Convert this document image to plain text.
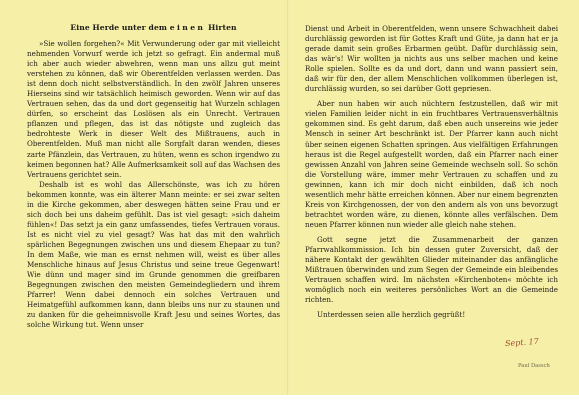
Eine Herde unter dem einen Hirten

»Sie wollen forgehen?« Mit Verwunderung oder gar mit vielleicht nehmenden Vorwurf werde ich jetzt so gefragt. Ein andermal muß ich aber auch wieder abwehren, wenn man uns allzu gut meint verstehen zu können, daß wir Oberentfelden verlassen werden. Das ist denn doch nicht selbstverständlich. In den zwölf Jahren unseres Hierseins sind wir tatsächlich heimisch geworden. Wenn wir auf das Vertrauen sehen, das da und dort gegenseitig hat Wurzeln schlagen dürfen, so erscheint das Loslösen als ein Unrecht. Vertrauen pflanzen und pflegen, das ist das nötigste und zugleich das bedrohteste Werk in dieser Welt des Mißtrauens, auch in Oberentfelden. Muß man nicht alle Sorgfalt daran wenden, dieses zarte Pfänzlein, das Vertrauen, zu hüten, wenn es schon irgendwo zu keimen begonnen hat? Alle Aufmerksamkeit soll auf das Wachsen des Vertrauens gerichtet sein.

Deshalb ist es wohl das Allerschönste, was ich zu hören bekommen konnte, was ein älterer Mann meinte: er sei zwar selten in die Kirche gekommen, aber deswegen hätten seine Frau und er sich doch bei uns daheim gefühlt. Das ist viel gesagt: »sich daheim fühlen«! Das setzt ja ein ganz umfassendes, tiefes Vertrauen voraus. Ist es nicht viel zu viel gesagt? Was hat das mit den wahrlich spärlichen Begegnungen zwischen uns und diesem Ehepaar zu tun? In dem Maße, wie man es ernst nehmen will, weist es über alles Menschliche hinaus auf Jesus Christus und seine treue Gegenwart! Wie dünn und mager sind im Grunde genommen die greifbaren Begegnungen zwischen den meisten Gemeindegliedern und ihrem Pfarrer! Wenn dabei dennoch ein solches Vertrauen und Heimatgefühl aufkommen kann, dann bleibs uns nur zu staunen und zu danken für die geheimnisvolle Kraft Jesu und seines Wortes, das solche Wirkung tut. Wenn unser

Dienst und Arbeit in Oberentfelden, wenn unsere Schwachheit dabei durchlässig geworden ist für Gottes Kraft und Güte, ja dann hat er ja gerade damit sein großes Erbarmen geübt. Dafür durchlässig sein, das wär's! Wir wollten ja nichts aus uns selber machen und keine Rolle spielen. Sollte es da und dort, dann und wann passiert sein, daß wir für den, der allem Menschlichen vollkommen überlegen ist, durchlässig wurden, so sei darüber Gott gepriesen.

Aber nun haben wir auch nüchtern festzustellen, daß wir mit vielen Familien leider nicht in ein fruchtbares Vertrauensverhältnis gekommen sind. Es geht darum, daß eben auch unsereins wie jeder Mensch in seiner Art beschränkt ist. Der Pfarrer kann auch nicht über seinen eigenen Schatten springen. Aus vielfältigen Erfahrungen heraus ist die Regel aufgestellt worden, daß ein Pfarrer nach einer gewissen Anzahl von Jahren seine Gemeinde wechseln soll. So schön die Vorstellung wäre, immer mehr Vertrauen zu schaffen und zu gewinnen, kann ich mir doch nicht einbilden, daß ich noch wesentlich mehr hätte erreichen können. Aber nur einem begrenzten Kreis von Kirchgenossen, der von den andern als von uns bevorzugt betrachtet worden wäre, zu dienen, könnte alles verfälschen. Dem neuen Pfarrer können nun wieder alle gleich nahe stehen.

Gott segne jetzt die Zusammenarbeit der ganzen Pfarrwahlkommission. Ich bin dessen guter Zuversicht, daß der nähere Kontakt der gewählten Glieder miteinander das anfängliche Mißtrauen überwinden und zum Segen der Gemeinde ein bleibendes Vertrauen schaffen wird. Im nächsten »Kirchenboten« möchte ich womöglich noch ein weiteres persönliches Wort an die Gemeinde richten.

Unterdessen seien alle herzlich gegrüßt!

Sept. 17
Paul Dassch
